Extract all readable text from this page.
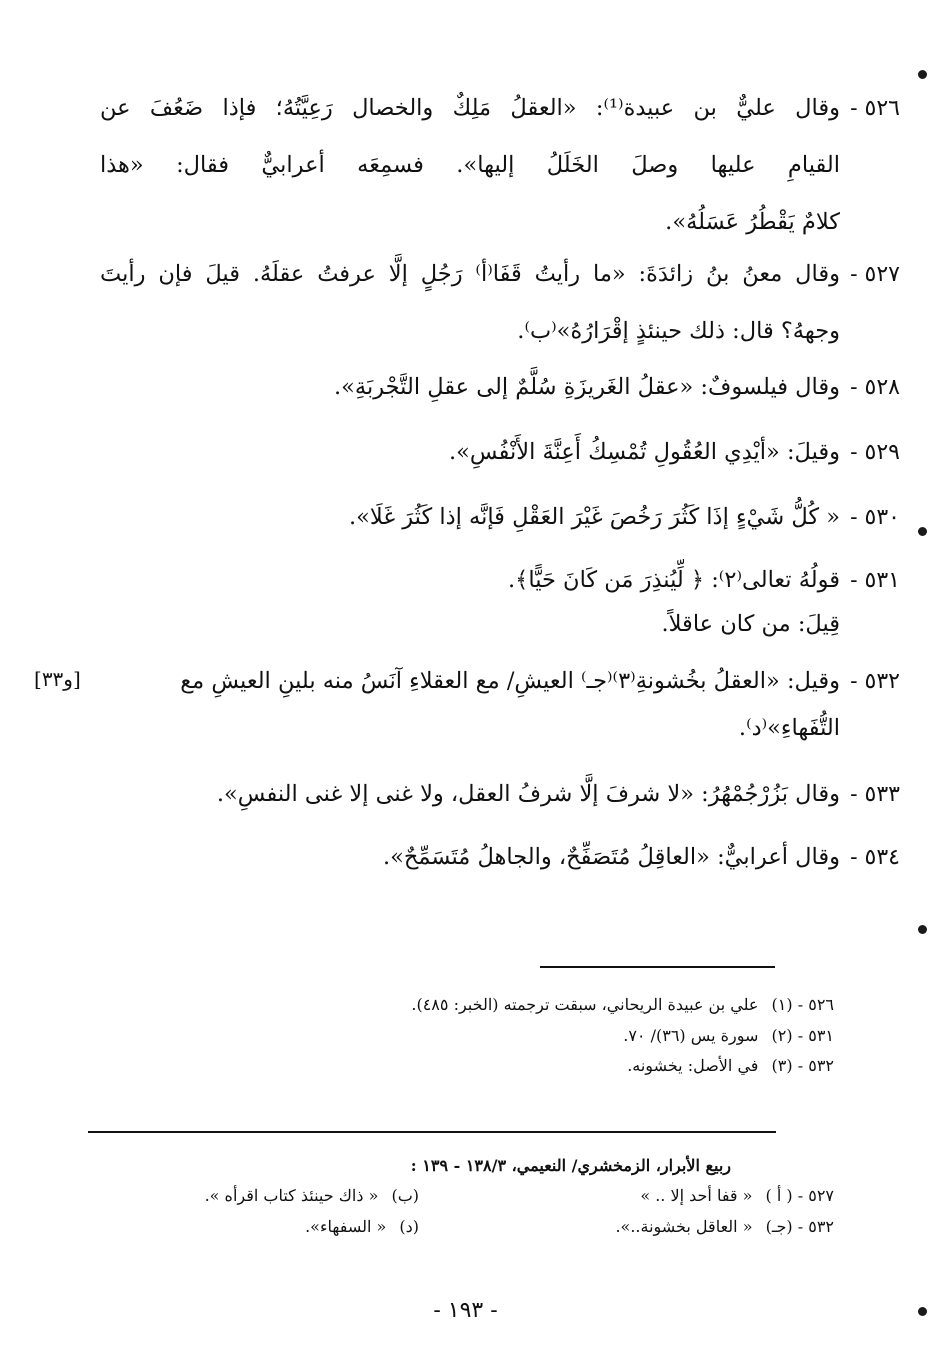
٥٢٦ -
وقال عليٌّ بن عبيدة⁽¹⁾: «العقلُ مَلِكٌ والخصال رَعِيَّتُهُ؛ فإذا ضَعُفَ عن
القيامِ عليها وصلَ الخَلَلُ إليها». فسمِعَه أعرابيٌّ فقال: «هذا
كلامٌ يَقْطُرُ عَسَلُهُ».
٥٢٧ -
وقال معنُ بنُ زائدَةَ: «ما رأيتُ قَفَا⁽أ⁾ رَجُلٍ إلَّا عرفتُ عقلَهُ. قيلَ فإن رأيتَ
وجههُ؟ قال: ذلك حينئذٍ إقْرَارُهُ»⁽ب⁾.
٥٢٨ -
وقال فيلسوفٌ: «عقلُ الغَريزَةِ سُلَّمٌ إلى عقلِ التَّجْربَةِ».
٥٢٩ -
وقيلَ: «أيْدِي العُقُولِ تُمْسِكُ أَعِنَّةَ الأَنْفُسِ».
٥٣٠ -
« كُلُّ شَيْءٍ إذَا كَثُرَ رَخُصَ غَيْرَ العَقْلِ فَإنَّه إذا كَثُرَ غَلَا».
٥٣١ -
قولُهُ تعالى⁽٢⁾: ﴿ لِّيُنذِرَ مَن كَانَ حَيًّا﴾.
قِيلَ: من كان عاقلاً.
٥٣٢ -
وقيل: «العقلُ بخُشونةِ⁽٣⁾⁽جـ⁾ العيشِ/ مع العقلاءِ آنَسُ منه بلينِ العيشِ مع
التُّفَهاءِ»⁽د⁾.
[و٣٣]
٥٣٣ -
وقال بَزُرْجُمْهُرُ: «لا شرفَ إلَّا شرفُ العقل، ولا غنى إلا غنى النفسِ».
٥٣٤ -
وقال أعرابيٌّ: «العاقِلُ مُتَصَفِّحٌ، والجاهلُ مُتَسَمِّحٌ».
٥٢٦ - (١) علي بن عبيدة الريحاني، سبقت ترجمته (الخبر: ٤٨٥).
٥٣١ - (٢) سورة يس (٣٦)/ ٧٠.
٥٣٢ - (٣) في الأصل: يخشونه.
ربيع الأبرار، الزمخشري/ النعيمي، ١٣٨/٣ - ١٣٩ :
٥٢٧ - ( أ ) « قفا أحد إلا .. »
(ب) « ذاك حينئذ كتاب اقرأه ».
٥٣٢ - (جـ) « العاقل بخشونة..».
(د) « السفهاء».
- ١٩٣ -
